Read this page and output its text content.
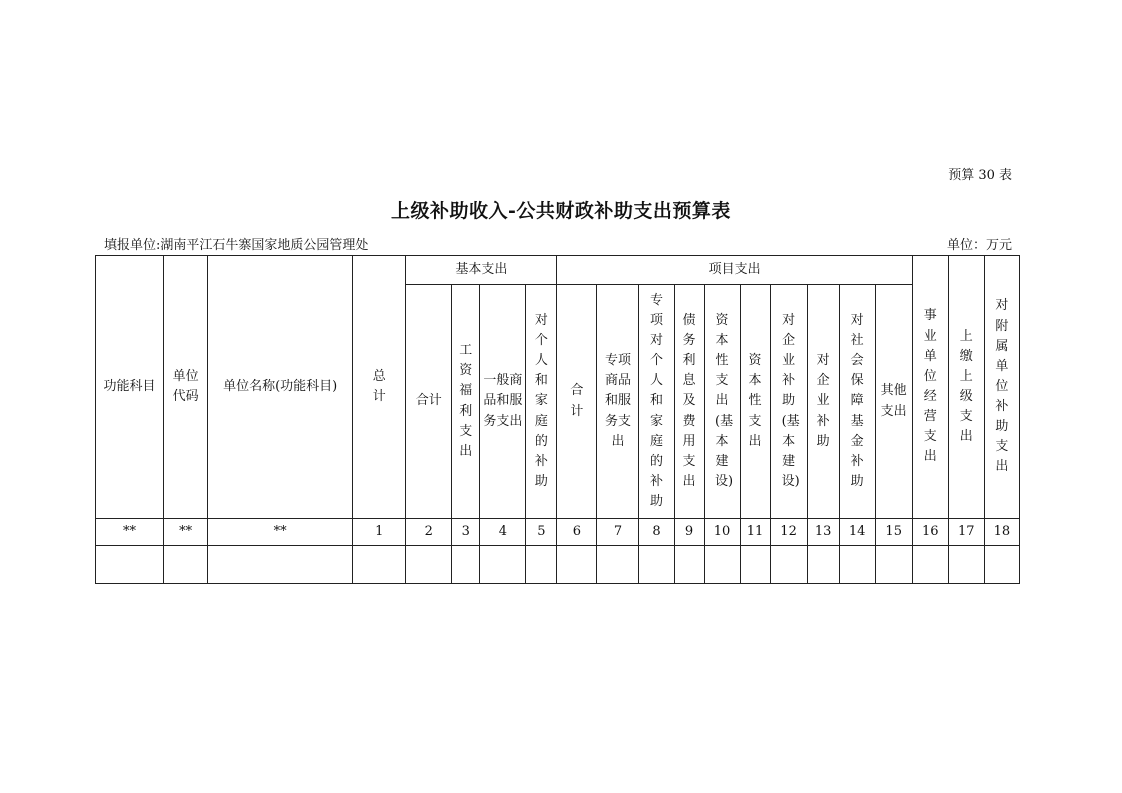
预算 30 表
上级补助收入-公共财政补助支出预算表
填报单位:湖南平江石牛寨国家地质公园管理处	单位：万元
功能科目	单位代码	单位名称(功能科目)	总计	基本支出				项目支出										事业单位经营支出	上缴上级支出	对附属单位补助支出
				合计	工资福利支出	一般商品和服务支出	对个人和家庭的补助	合计	专项商品和服务支出	专项对个人和家庭的补助	债务利息及费用支出	资本性支出(基本建设)	资本性支出	对企业补助(基本建设)	对企业补助	对社会保障基金补助	其他支出			
**	**	**	1	2	3	4	5	6	7	8	9	10	11	12	13	14	15	16	17	18
